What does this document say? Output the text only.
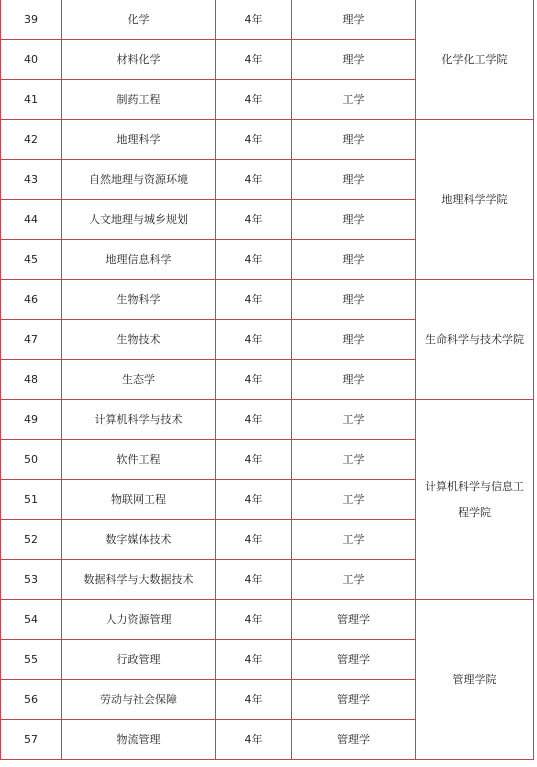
39	化学	4年	理学	化学化工学院
40	材料化学	4年	理学	
41	制药工程	4年	工学	
42	地理科学	4年	理学	地理科学学院
43	自然地理与资源环境	4年	理学	
44	人文地理与城乡规划	4年	理学	
45	地理信息科学	4年	理学	
46	生物科学	4年	理学	生命科学与技术学院
47	生物技术	4年	理学	
48	生态学	4年	理学	
49	计算机科学与技术	4年	工学	计算机科学与信息工程学院
50	软件工程	4年	工学	
51	物联网工程	4年	工学	
52	数字媒体技术	4年	工学	
53	数据科学与大数据技术	4年	工学	
54	人力资源管理	4年	管理学	管理学院
55	行政管理	4年	管理学	
56	劳动与社会保障	4年	管理学	
57	物流管理	4年	管理学	
